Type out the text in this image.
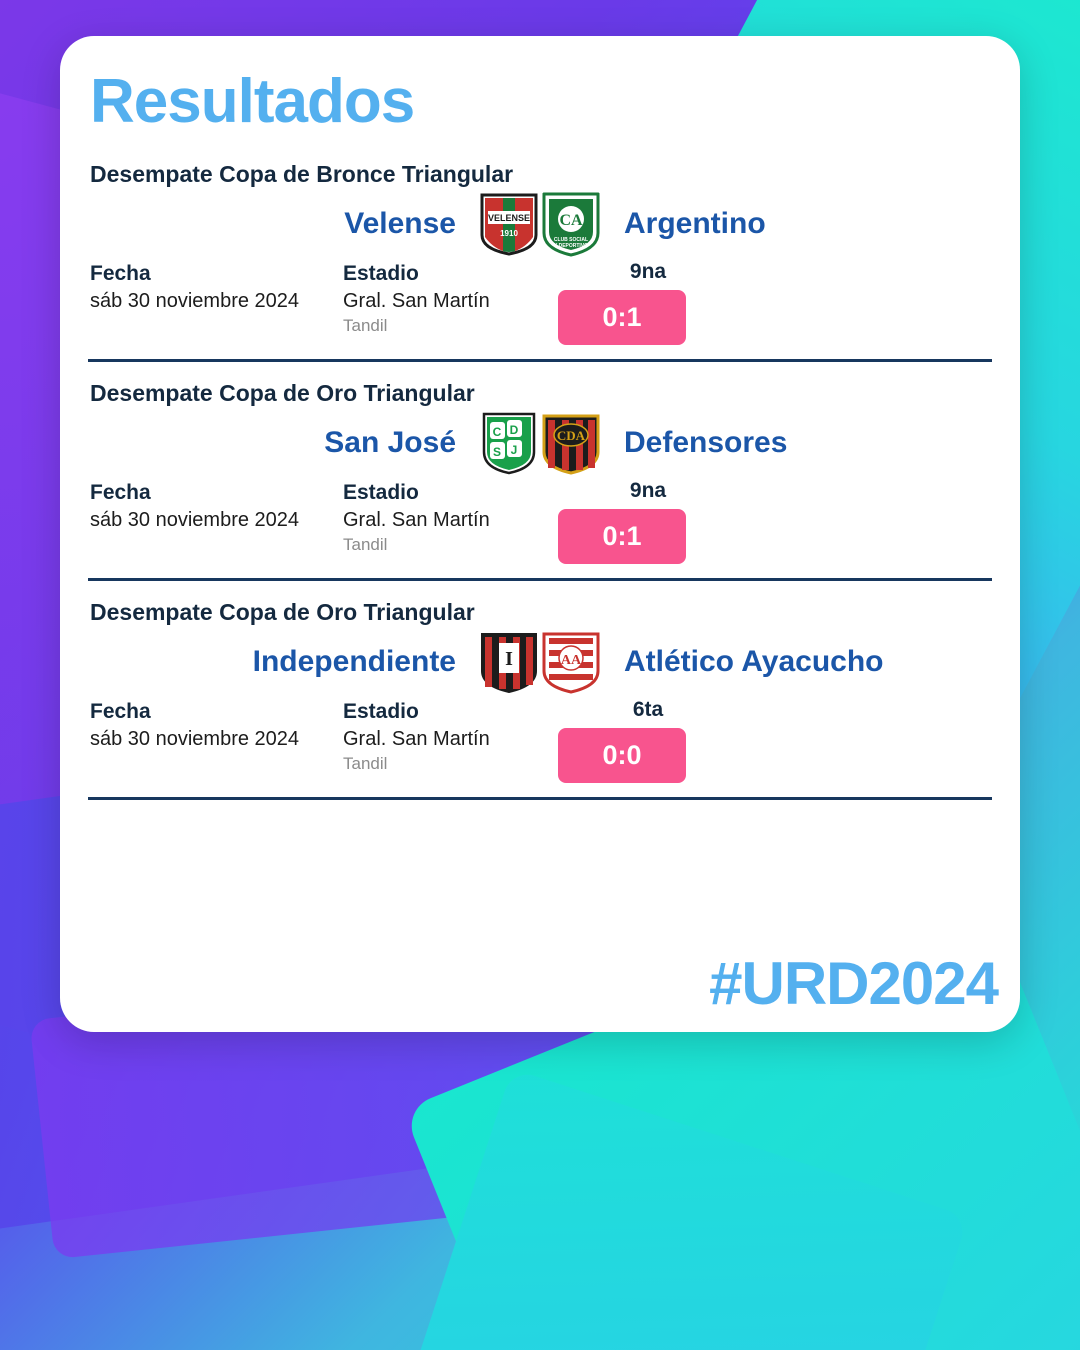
Resultados
Desempate Copa de Bronce Triangular
Velense	VELENSE
1910
CA
CLUB SOCIAL
Y DEPORTIVO
Argentino
Fecha
sáb 30 noviembre 2024
Estadio
Gral. San Martín
Tandil
9na
0:1
Desempate Copa de Oro Triangular
San José	C D
S J
CDA	Defensores
Fecha
sáb 30 noviembre 2024
Estadio
Gral. San Martín
Tandil
9na
0:1
Desempate Copa de Oro Triangular
Independiente	I	AA	Atlético Ayacucho
Fecha
sáb 30 noviembre 2024
Estadio
Gral. San Martín
Tandil
6ta
0:0
#URD2024
